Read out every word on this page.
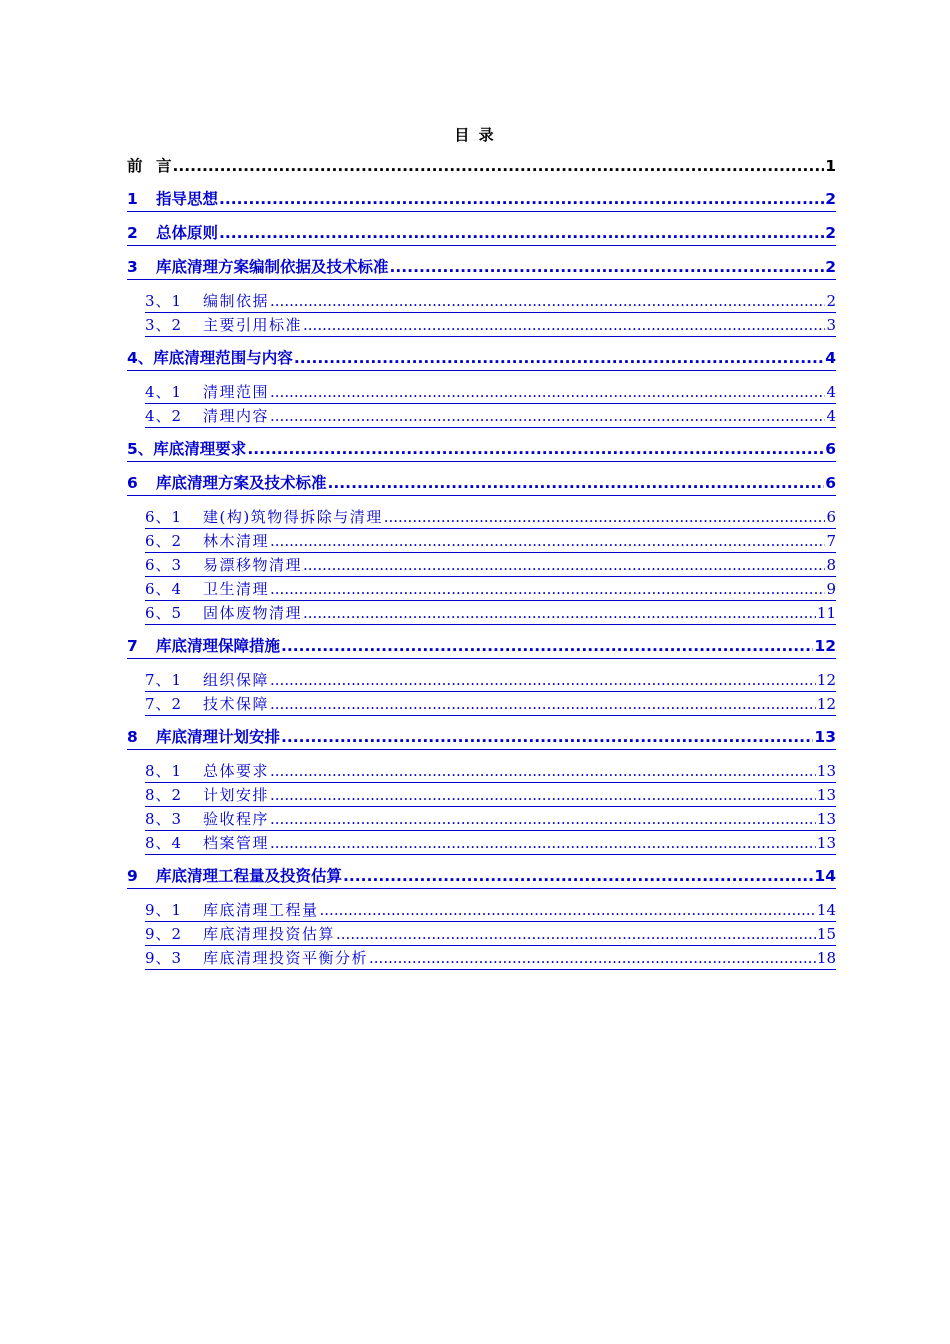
目 录
前 言 .....	1
1 指导思想 .....	2
2 总体原则 .....	2
3 库底清理方案编制依据及技术标准 .....	2
3、1 编制依据 .....	2
3、2 主要引用标准 .....	3
4、库底清理范围与内容 .....	4
4、1 清理范围 .....	4
4、2 清理内容 .....	4
5、库底清理要求 .....	6
6 库底清理方案及技术标准 .....	6
6、1 建(构)筑物得拆除与清理 .....	6
6、2 林木清理 .....	7
6、3 易漂移物清理 .....	8
6、4 卫生清理 .....	9
6、5 固体废物清理 .....	11
7 库底清理保障措施 .....	12
7、1 组织保障 .....	12
7、2 技术保障 .....	12
8 库底清理计划安排 .....	13
8、1 总体要求 .....	13
8、2 计划安排 .....	13
8、3 验收程序 .....	13
8、4 档案管理 .....	13
9 库底清理工程量及投资估算 .....	14
9、1 库底清理工程量 .....	14
9、2 库底清理投资估算 .....	15
9、3 库底清理投资平衡分析 .....	18
